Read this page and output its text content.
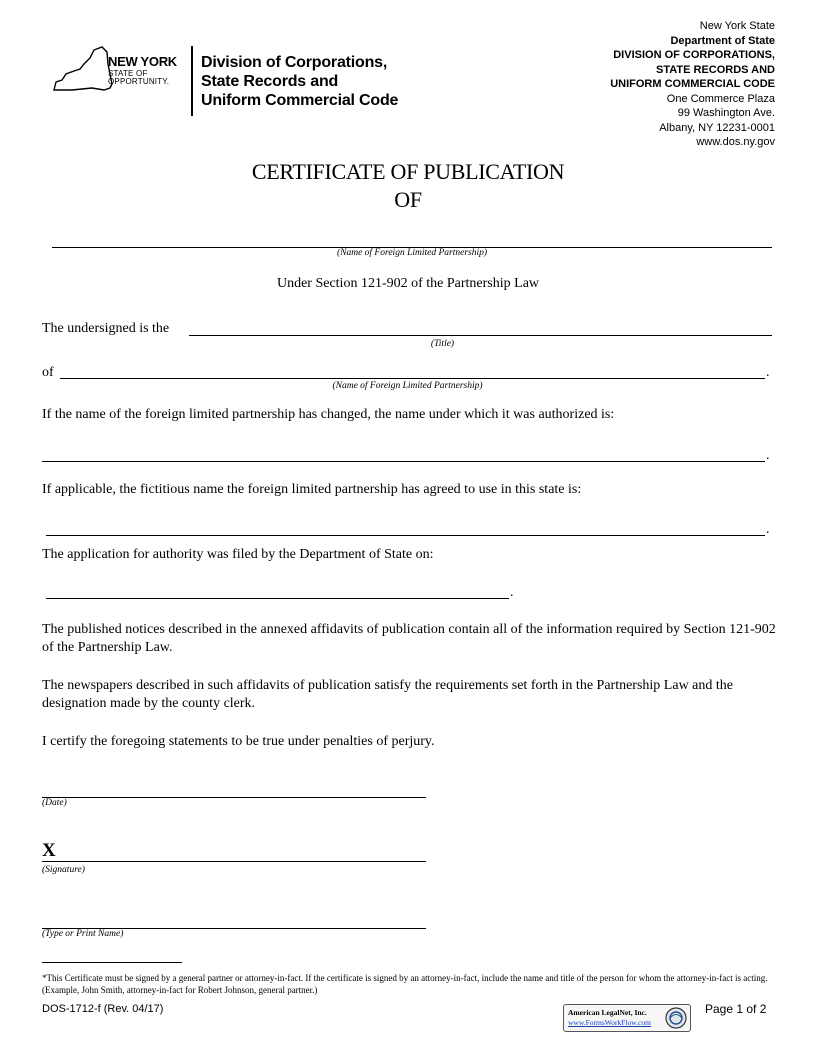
NEW YORK
STATE OF
OPPORTUNITY.
Division of Corporations,
State Records and
Uniform Commercial Code
New York State
Department of State
DIVISION OF CORPORATIONS,
STATE RECORDS AND
UNIFORM COMMERCIAL CODE
One Commerce Plaza
99 Washington Ave.
Albany, NY 12231-0001
www.dos.ny.gov
CERTIFICATE OF PUBLICATION
OF
(Name of Foreign Limited Partnership)
Under Section 121-902 of the Partnership Law
The undersigned is the
(Title)
of	.
(Name of Foreign Limited Partnership)
If the name of the foreign limited partnership has changed, the name under which it was authorized is:
.
If applicable, the fictitious name the foreign limited partnership has agreed to use in this state is:
.
The application for authority was filed by the Department of State on:
.
The published notices described in the annexed affidavits of publication contain all of the information required by Section 121-902 of the Partnership Law.
The newspapers described in such affidavits of publication satisfy the requirements set forth in the Partnership Law and the designation made by the county clerk.
I certify the foregoing statements to be true under penalties of perjury.
(Date)
X
(Signature)
(Type or Print Name)
*This Certificate must be signed by a general partner or attorney-in-fact. If the certificate is signed by an attorney-in-fact, include the name and title of the person for whom the attorney-in-fact is acting. (Example, John Smith, attorney-in-fact for Robert Johnson, general partner.)
DOS-1712-f (Rev. 04/17)	American LegalNet, Inc.
www.FormsWorkFlow.com
Page 1 of 2
